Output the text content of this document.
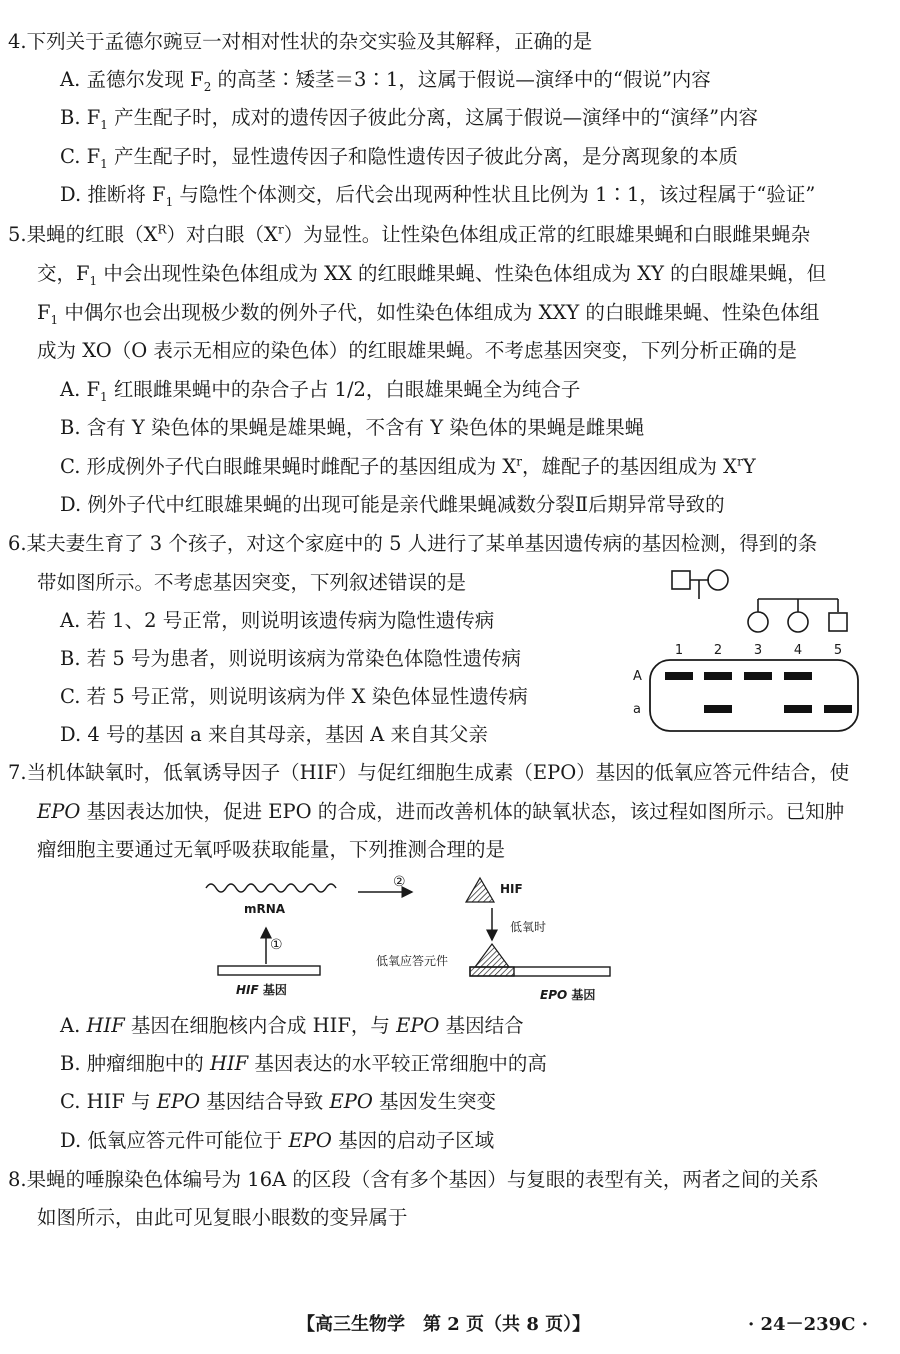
4.下列关于孟德尔豌豆一对相对性状的杂交实验及其解释，正确的是
A. 孟德尔发现 $F_2$ 的高茎∶矮茎＝3∶1，这属于假说—演绎中的“假说”内容
B. $F_1$ 产生配子时，成对的遗传因子彼此分离，这属于假说—演绎中的“演绎”内容
C. $F_1$ 产生配子时，显性遗传因子和隐性遗传因子彼此分离，是分离现象的本质
D. 推断将 $F_1$ 与隐性个体测交，后代会出现两种性状且比例为 1∶1，该过程属于“验证”
5.果蝇的红眼$(X^R)$对白眼$(X^r)$为显性。让性染色体组成正常的红眼雄果蝇和白眼雌果蝇杂
交，$F_1$ 中会出现性染色体组成为 XX 的红眼雌果蝇、性染色体组成为 XY 的白眼雄果蝇，但
$F_1$ 中偶尔也会出现极少数的例外子代，如性染色体组成为 XXY 的白眼雌果蝇、性染色体组
成为 XO（O 表示无相应的染色体）的红眼雄果蝇。不考虑基因突变，下列分析正确的是
A. $F_1$ 红眼雌果蝇中的杂合子占 1/2，白眼雄果蝇全为纯合子
B. 含有 Y 染色体的果蝇是雄果蝇，不含有 Y 染色体的果蝇是雌果蝇
C. 形成例外子代白眼雌果蝇时雌配子的基因组成为 $X^r$，雄配子的基因组成为 $X^rY$
D. 例外子代中红眼雄果蝇的出现可能是亲代雌果蝇减数分裂Ⅱ后期异常导致的
6.某夫妻生育了 3 个孩子，对这个家庭中的 5 人进行了某单基因遗传病的基因检测，得到的条
带如图所示。不考虑基因突变，下列叙述错误的是
A. 若 1、2 号正常，则说明该遗传病为隐性遗传病
B. 若 5 号为患者，则说明该病为常染色体隐性遗传病
C. 若 5 号正常，则说明该病为伴 X 染色体显性遗传病
D. 4 号的基因 a 来自其母亲，基因 A 来自其父亲
1 2 3 4 5
A
a
7.当机体缺氧时，低氧诱导因子（HIF）与促红细胞生成素（EPO）基因的低氧应答元件结合，使
EPO 基因表达加快，促进 EPO 的合成，进而改善机体的缺氧状态，该过程如图所示。已知肿
瘤细胞主要通过无氧呼吸获取能量，下列推测合理的是
mRNA
①
HIF 基因
②	HIF
低氧时
低氧应答元件
EPO 基因
A. HIF 基因在细胞核内合成 HIF，与 EPO 基因结合
B. 肿瘤细胞中的 HIF 基因表达的水平较正常细胞中的高
C. HIF 与 EPO 基因结合导致 EPO 基因发生突变
D. 低氧应答元件可能位于 EPO 基因的启动子区域
8.果蝇的唾腺染色体编号为 16A 的区段（含有多个基因）与复眼的表型有关，两者之间的关系
如图所示，由此可见复眼小眼数的变异属于
【高三生物学　第 2 页（共 8 页）】	· 24－239C ·
